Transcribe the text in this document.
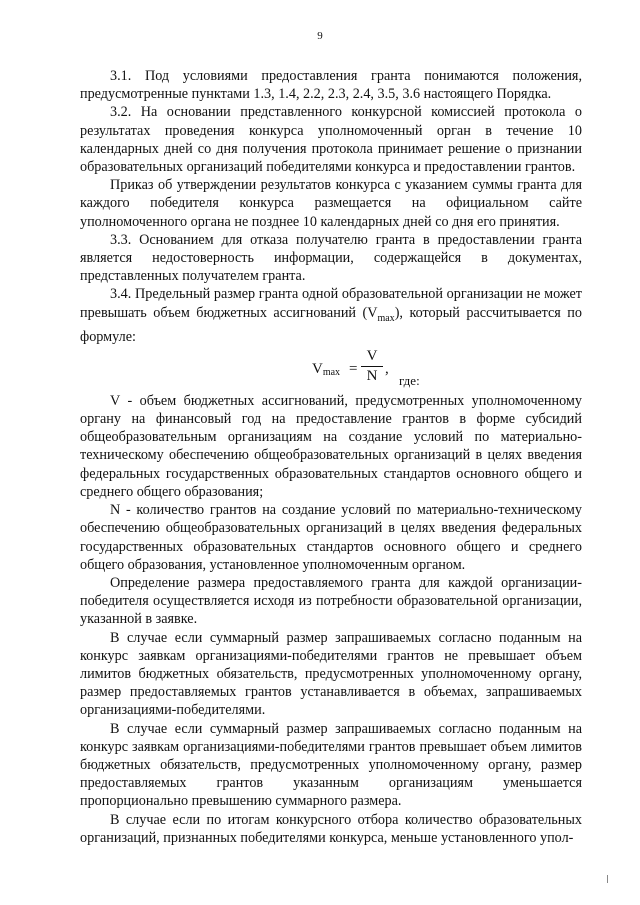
9

3.1. Под условиями предоставления гранта понимаются положения, предусмотренные пунктами 1.3, 1.4, 2.2, 2.3, 2.4, 3.5, 3.6 настоящего Порядка.

3.2. На основании представленного конкурсной комиссией протокола о результатах проведения конкурса уполномоченный орган в течение 10 календарных дней со дня получения протокола принимает решение о признании образовательных организаций победителями конкурса и предоставлении грантов.

Приказ об утверждении результатов конкурса с указанием суммы гранта для каждого победителя конкурса размещается на официальном сайте уполномоченного органа не позднее 10 календарных дней со дня его принятия.

3.3. Основанием для отказа получателю гранта в предоставлении гранта является недостоверность информации, содержащейся в документах, представленных получателем гранта.

3.4. Предельный размер гранта одной образовательной организации не может превышать объем бюджетных ассигнований $(V_{max})$, который рассчитывается по формуле:

$V_{max}$ =
V
N ,
где:

V - объем бюджетных ассигнований, предусмотренных уполномоченному органу на финансовый год на предоставление грантов в форме субсидий общеобразовательным организациям на создание условий по материально-техническому обеспечению общеобразовательных организаций в целях введения федеральных государственных образовательных стандартов основного общего и среднего общего образования;

N - количество грантов на создание условий по материально-техническому обеспечению общеобразовательных организаций в целях введения федеральных государственных образовательных стандартов основного общего и среднего общего образования, установленное уполномоченным органом.

Определение размера предоставляемого гранта для каждой организации-победителя осуществляется исходя из потребности образовательной организации, указанной в заявке.

В случае если суммарный размер запрашиваемых согласно поданным на конкурс заявкам организациями-победителями грантов не превышает объем лимитов бюджетных обязательств, предусмотренных уполномоченному органу, размер предоставляемых грантов устанавливается в объемах, запрашиваемых организациями-победителями.

В случае если суммарный размер запрашиваемых согласно поданным на конкурс заявкам организациями-победителями грантов превышает объем лимитов бюджетных обязательств, предусмотренных уполномоченному органу, размер предоставляемых грантов указанным организациям уменьшается пропорционально превышению суммарного размера.

В случае если по итогам конкурсного отбора количество образовательных организаций, признанных победителями конкурса, меньше установленного упол-
